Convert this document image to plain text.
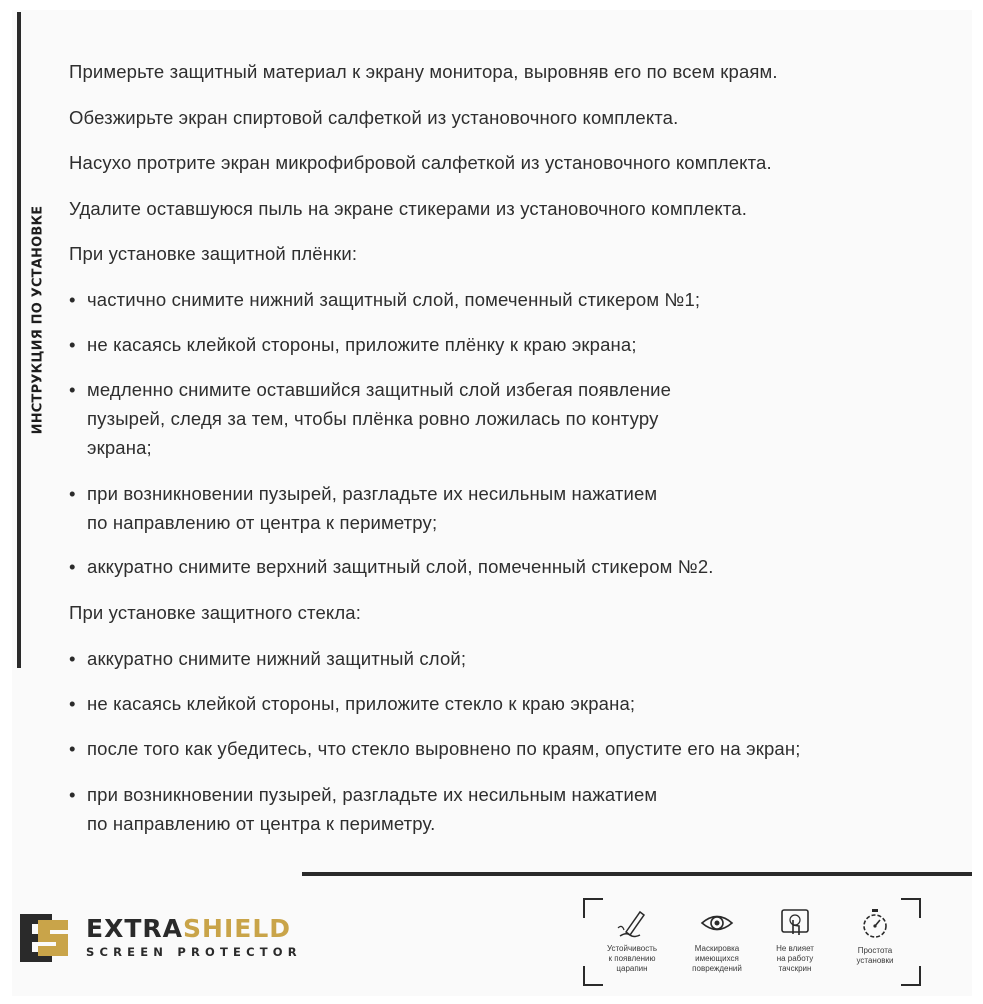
ИНСТРУКЦИЯ ПО УСТАНОВКЕ
Примерьте защитный материал к экрану монитора, выровняв его по всем краям.
Обезжирьте экран спиртовой салфеткой из установочного комплекта.
Насухо протрите экран микрофибровой салфеткой из установочного комплекта.
Удалите оставшуюся пыль на экране стикерами из установочного комплекта.
При установке защитной плёнки:
• частично снимите нижний защитный слой, помеченный стикером №1;
• не касаясь клейкой стороны, приложите плёнку к краю экрана;
• медленно снимите оставшийся защитный слой избегая появление
пузырей, следя за тем, чтобы плёнка ровно ложилась по контуру
экрана;
• при возникновении пузырей, разгладьте их несильным нажатием
по направлению от центра к периметру;
• аккуратно снимите верхний защитный слой, помеченный стикером №2.
При установке защитного стекла:
• аккуратно снимите нижний защитный слой;
• не касаясь клейкой стороны, приложите стекло к краю экрана;
• после того как убедитесь, что стекло выровнено по краям, опустите его на экран;
• при возникновении пузырей, разгладьте их несильным нажатием
по направлению от центра к периметру.
EXTRASHIELD
SCREEN PROTECTOR	Устойчивость
к появлению
царапин
Маскировка
имеющихся
повреждений
Не влияет
на работу
тачскрин
Простота
установки
